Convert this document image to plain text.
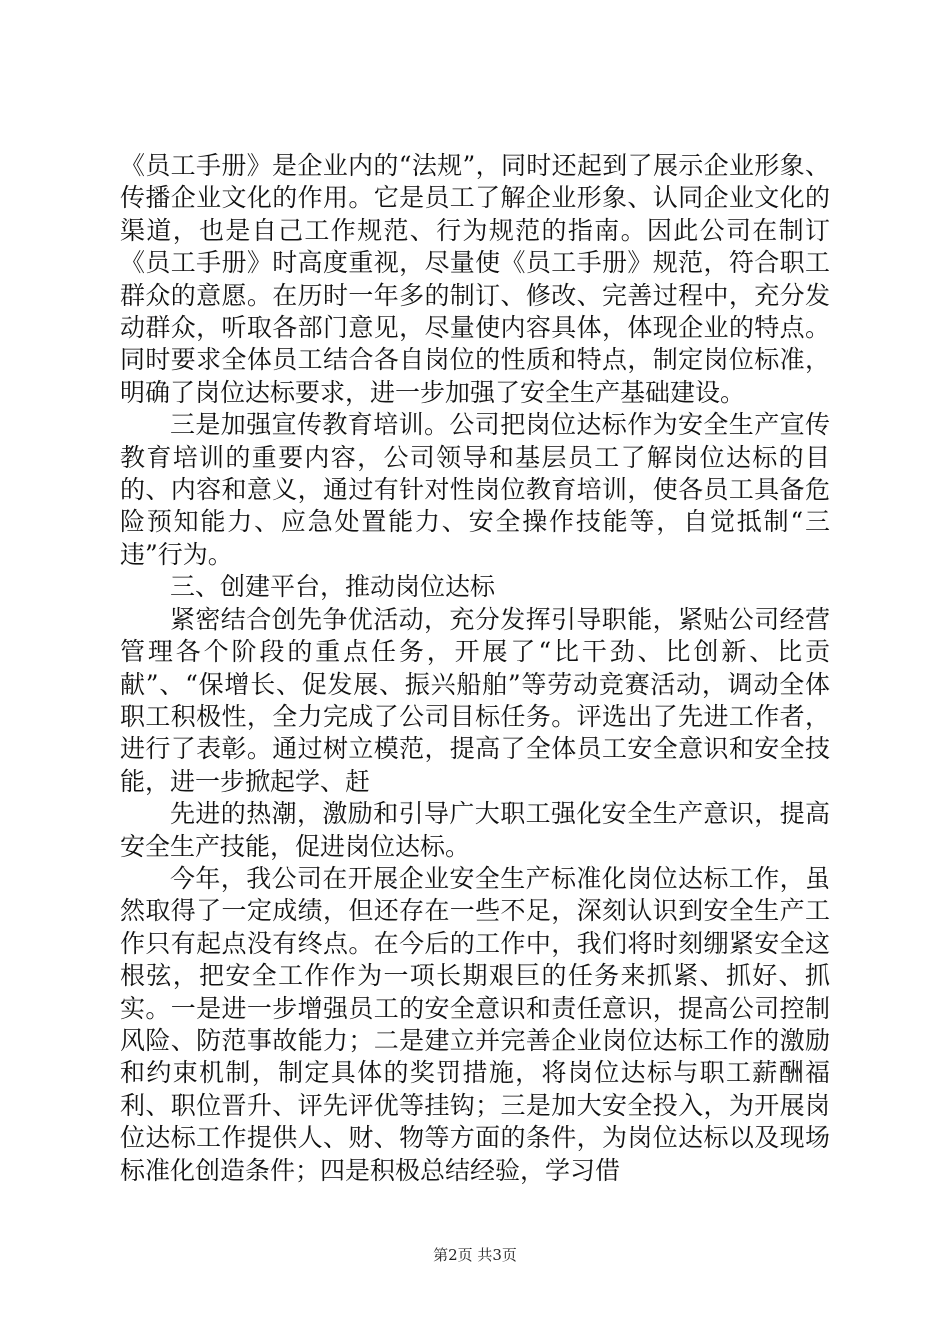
《员工手册》是企业内的“法规”，同时还起到了展示企业形象、传播企业文化的作用。它是员工了解企业形象、认同企业文化的渠道，也是自己工作规范、行为规范的指南。因此公司在制订《员工手册》时高度重视，尽量使《员工手册》规范，符合职工群众的意愿。在历时一年多的制订、修改、完善过程中，充分发动群众，听取各部门意见，尽量使内容具体，体现企业的特点。同时要求全体员工结合各自岗位的性质和特点，制定岗位标准，明确了岗位达标要求，进一步加强了安全生产基础建设。

三是加强宣传教育培训。公司把岗位达标作为安全生产宣传教育培训的重要内容，公司领导和基层员工了解岗位达标的目的、内容和意义，通过有针对性岗位教育培训，使各员工具备危险预知能力、应急处置能力、安全操作技能等，自觉抵制“三违”行为。

三、创建平台，推动岗位达标

紧密结合创先争优活动，充分发挥引导职能，紧贴公司经营管理各个阶段的重点任务，开展了“比干劲、比创新、比贡献”、“保增长、促发展、振兴船舶”等劳动竞赛活动，调动全体职工积极性，全力完成了公司目标任务。评选出了先进工作者，进行了表彰。通过树立模范，提高了全体员工安全意识和安全技能，进一步掀起学、赶

先进的热潮，激励和引导广大职工强化安全生产意识，提高安全生产技能，促进岗位达标。

今年，我公司在开展企业安全生产标准化岗位达标工作，虽然取得了一定成绩，但还存在一些不足，深刻认识到安全生产工作只有起点没有终点。在今后的工作中，我们将时刻绷紧安全这根弦，把安全工作作为一项长期艰巨的任务来抓紧、抓好、抓实。一是进一步增强员工的安全意识和责任意识，提高公司控制风险、防范事故能力；二是建立并完善企业岗位达标工作的激励和约束机制，制定具体的奖罚措施，将岗位达标与职工薪酬福利、职位晋升、评先评优等挂钩；三是加大安全投入，为开展岗位达标工作提供人、财、物等方面的条件，为岗位达标以及现场标准化创造条件；四是积极总结经验，学习借

第2页 共3页
